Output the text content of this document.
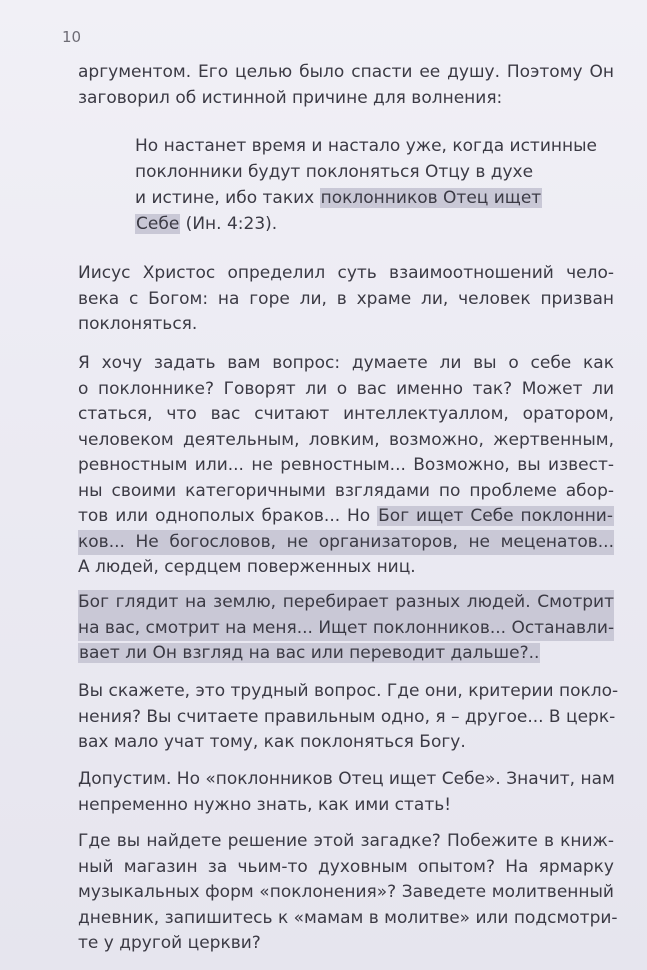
10
аргументом. Его целью было спасти ее душу. Поэтому Он
заговорил об истинной причине для волнения:
Но настанет время и настало уже, когда истинные
поклонники будут поклоняться Отцу в духе
и истине, ибо таких поклонников Отец ищет
Себе (Ин. 4:23).
Иисус Христос определил суть взаимоотношений чело-
века с Богом: на горе ли, в храме ли, человек призван
поклоняться.
Я хочу задать вам вопрос: думаете ли вы о себе как
о поклоннике? Говорят ли о вас именно так? Может ли
статься, что вас считают интеллектуаллом, оратором,
человеком деятельным, ловким, возможно, жертвенным,
ревностным или... не ревностным... Возможно, вы извест-
ны своими категоричными взглядами по проблеме абор-
тов или однополых браков... Но Бог ищет Себе поклонни-
ков... Не богословов, не организаторов, не меценатов...
А людей, сердцем поверженных ниц.
Бог глядит на землю, перебирает разных людей. Смотрит
на вас, смотрит на меня... Ищет поклонников... Останавли-
вает ли Он взгляд на вас или переводит дальше?..
Вы скажете, это трудный вопрос. Где они, критерии покло-
нения? Вы считаете правильным одно, я – другое... В церк-
вах мало учат тому, как поклоняться Богу.
Допустим. Но «поклонников Отец ищет Себе». Значит, нам
непременно нужно знать, как ими стать!
Где вы найдете решение этой загадке? Побежите в книж-
ный магазин за чьим-то духовным опытом? На ярмарку
музыкальных форм «поклонения»? Заведете молитвенный
дневник, запишитесь к «мамам в молитве» или подсмотри-
те у другой церкви?
